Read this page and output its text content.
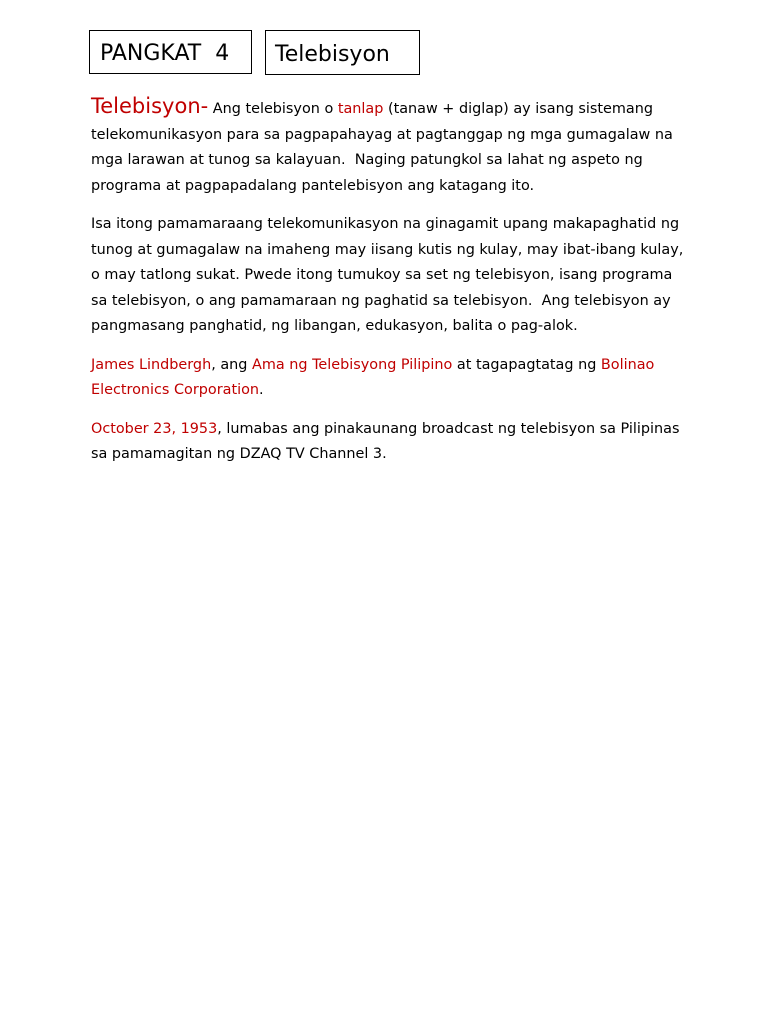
PANGKAT  4	Telebisyon

Telebisyon- Ang telebisyon o tanlap (tanaw + diglap) ay isang sistemang
telekomunikasyon para sa pagpapahayag at pagtanggap ng mga gumagalaw na
mga larawan at tunog sa kalayuan.  Naging patungkol sa lahat ng aspeto ng
programa at pagpapadalang pantelebisyon ang katagang ito.

Isa itong pamamaraang telekomunikasyon na ginagamit upang makapaghatid ng
tunog at gumagalaw na imaheng may iisang kutis ng kulay, may ibat-ibang kulay,
o may tatlong sukat. Pwede itong tumukoy sa set ng telebisyon, isang programa
sa telebisyon, o ang pamamaraan ng paghatid sa telebisyon.  Ang telebisyon ay
pangmasang panghatid, ng libangan, edukasyon, balita o pag-alok.

James Lindbergh, ang Ama ng Telebisyong Pilipino at tagapagtatag ng Bolinao
Electronics Corporation.

October 23, 1953, lumabas ang pinakaunang broadcast ng telebisyon sa Pilipinas
sa pamamagitan ng DZAQ TV Channel 3.
